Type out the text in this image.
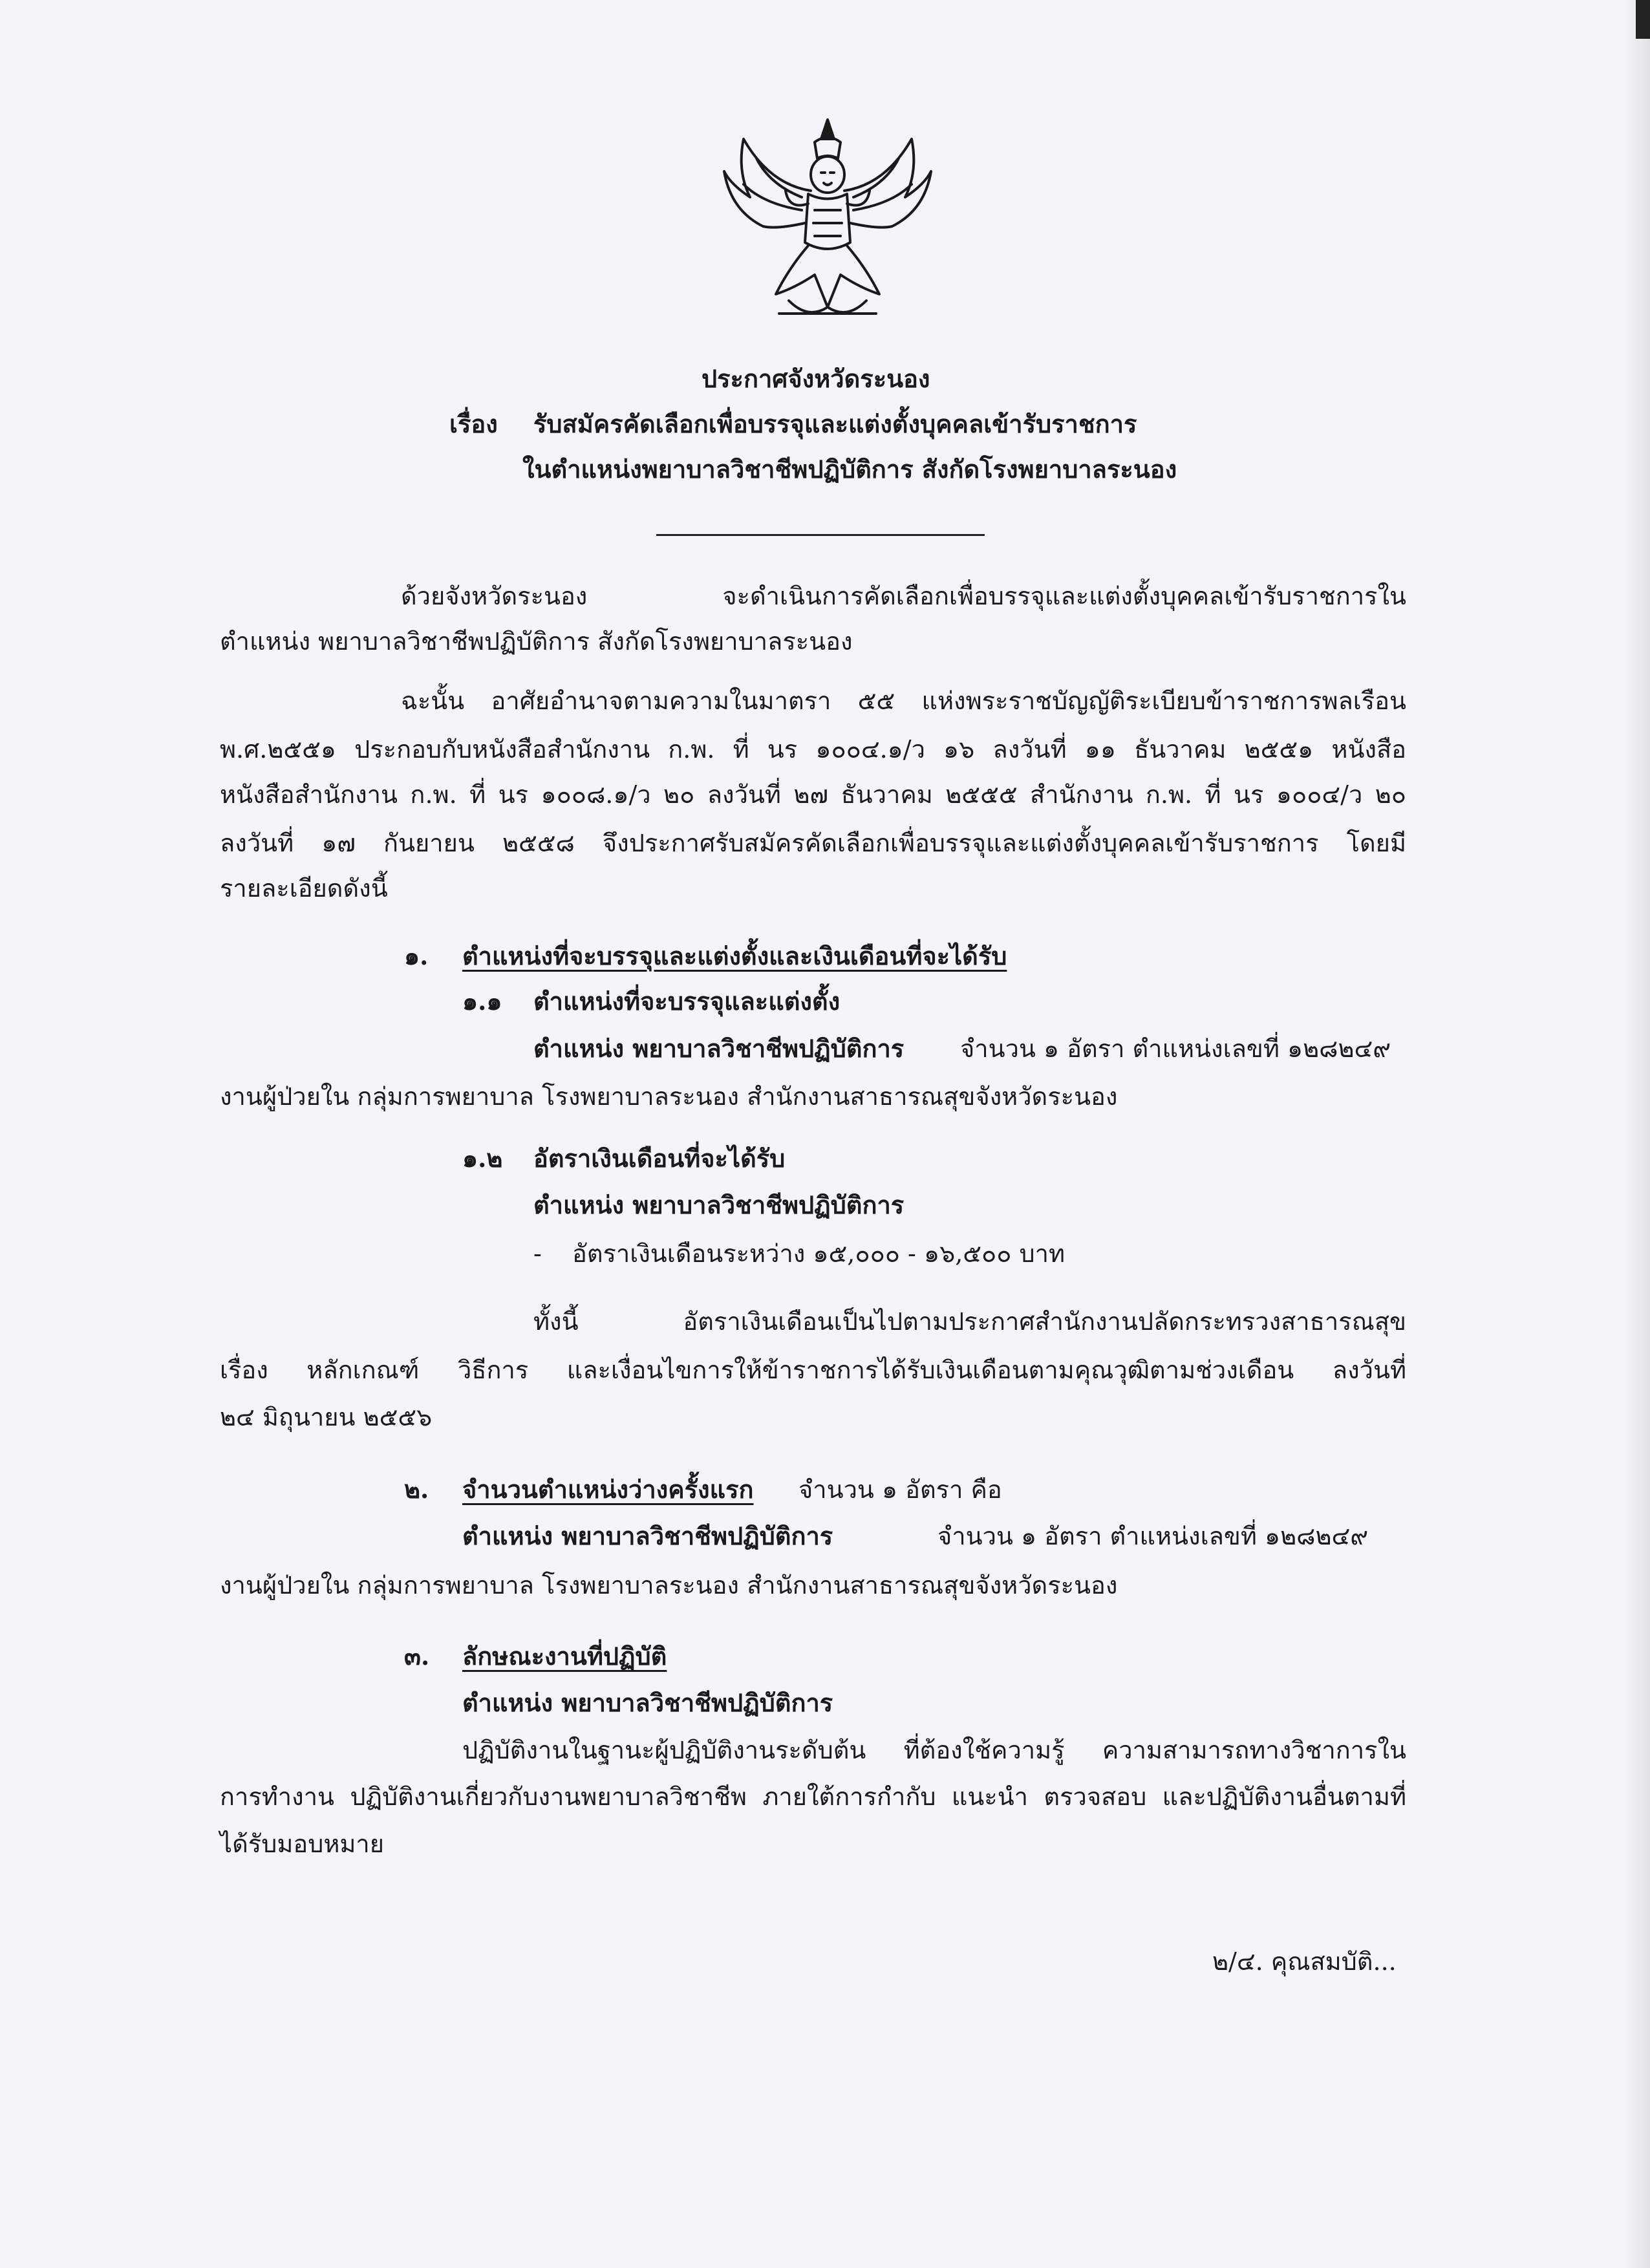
ประกาศจังหวัดระนอง
เรื่อง รับสมัครคัดเลือกเพื่อบรรจุและแต่งตั้งบุคคลเข้ารับราชการ
ในตำแหน่งพยาบาลวิชาชีพปฏิบัติการ สังกัดโรงพยาบาลระนอง
ด้วยจังหวัดระนอง จะดำเนินการคัดเลือกเพื่อบรรจุและแต่งตั้งบุคคลเข้ารับราชการใน
ตำแหน่ง พยาบาลวิชาชีพปฏิบัติการ สังกัดโรงพยาบาลระนอง
ฉะนั้น อาศัยอำนาจตามความในมาตรา ๕๕ แห่งพระราชบัญญัติระเบียบข้าราชการพลเรือน
พ.ศ.๒๕๕๑ ประกอบกับหนังสือสำนักงาน ก.พ. ที่ นร ๑๐๐๔.๑/ว ๑๖ ลงวันที่ ๑๑ ธันวาคม ๒๕๕๑ หนังสือ
หนังสือสำนักงาน ก.พ. ที่ นร ๑๐๐๘.๑/ว ๒๐ ลงวันที่ ๒๗ ธันวาคม ๒๕๕๕ สำนักงาน ก.พ. ที่ นร ๑๐๐๔/ว ๒๐
ลงวันที่ ๑๗ กันยายน ๒๕๕๘ จึงประกาศรับสมัครคัดเลือกเพื่อบรรจุและแต่งตั้งบุคคลเข้ารับราชการ โดยมี
รายละเอียดดังนี้
๑. ตำแหน่งที่จะบรรจุและแต่งตั้งและเงินเดือนที่จะได้รับ
๑.๑ ตำแหน่งที่จะบรรจุและแต่งตั้ง
ตำแหน่ง พยาบาลวิชาชีพปฏิบัติการ จำนวน ๑ อัตรา ตำแหน่งเลขที่ ๑๒๘๒๔๙
งานผู้ป่วยใน กลุ่มการพยาบาล โรงพยาบาลระนอง สำนักงานสาธารณสุขจังหวัดระนอง
๑.๒ อัตราเงินเดือนที่จะได้รับ
ตำแหน่ง พยาบาลวิชาชีพปฏิบัติการ
- อัตราเงินเดือนระหว่าง ๑๕,๐๐๐ - ๑๖,๕๐๐ บาท
ทั้งนี้ อัตราเงินเดือนเป็นไปตามประกาศสำนักงานปลัดกระทรวงสาธารณสุข
เรื่อง หลักเกณฑ์ วิธีการ และเงื่อนไขการให้ข้าราชการได้รับเงินเดือนตามคุณวุฒิตามช่วงเดือน ลงวันที่
๒๔ มิถุนายน ๒๕๕๖
๒. จำนวนตำแหน่งว่างครั้งแรก จำนวน ๑ อัตรา คือ
ตำแหน่ง พยาบาลวิชาชีพปฏิบัติการ	จำนวน ๑ อัตรา ตำแหน่งเลขที่ ๑๒๘๒๔๙
งานผู้ป่วยใน กลุ่มการพยาบาล โรงพยาบาลระนอง สำนักงานสาธารณสุขจังหวัดระนอง
๓. ลักษณะงานที่ปฏิบัติ
ตำแหน่ง พยาบาลวิชาชีพปฏิบัติการ
ปฏิบัติงานในฐานะผู้ปฏิบัติงานระดับต้น ที่ต้องใช้ความรู้ ความสามารถทางวิชาการใน
การทำงาน ปฏิบัติงานเกี่ยวกับงานพยาบาลวิชาชีพ ภายใต้การกำกับ แนะนำ ตรวจสอบ และปฏิบัติงานอื่นตามที่
ได้รับมอบหมาย
๒/๔. คุณสมบัติ...
